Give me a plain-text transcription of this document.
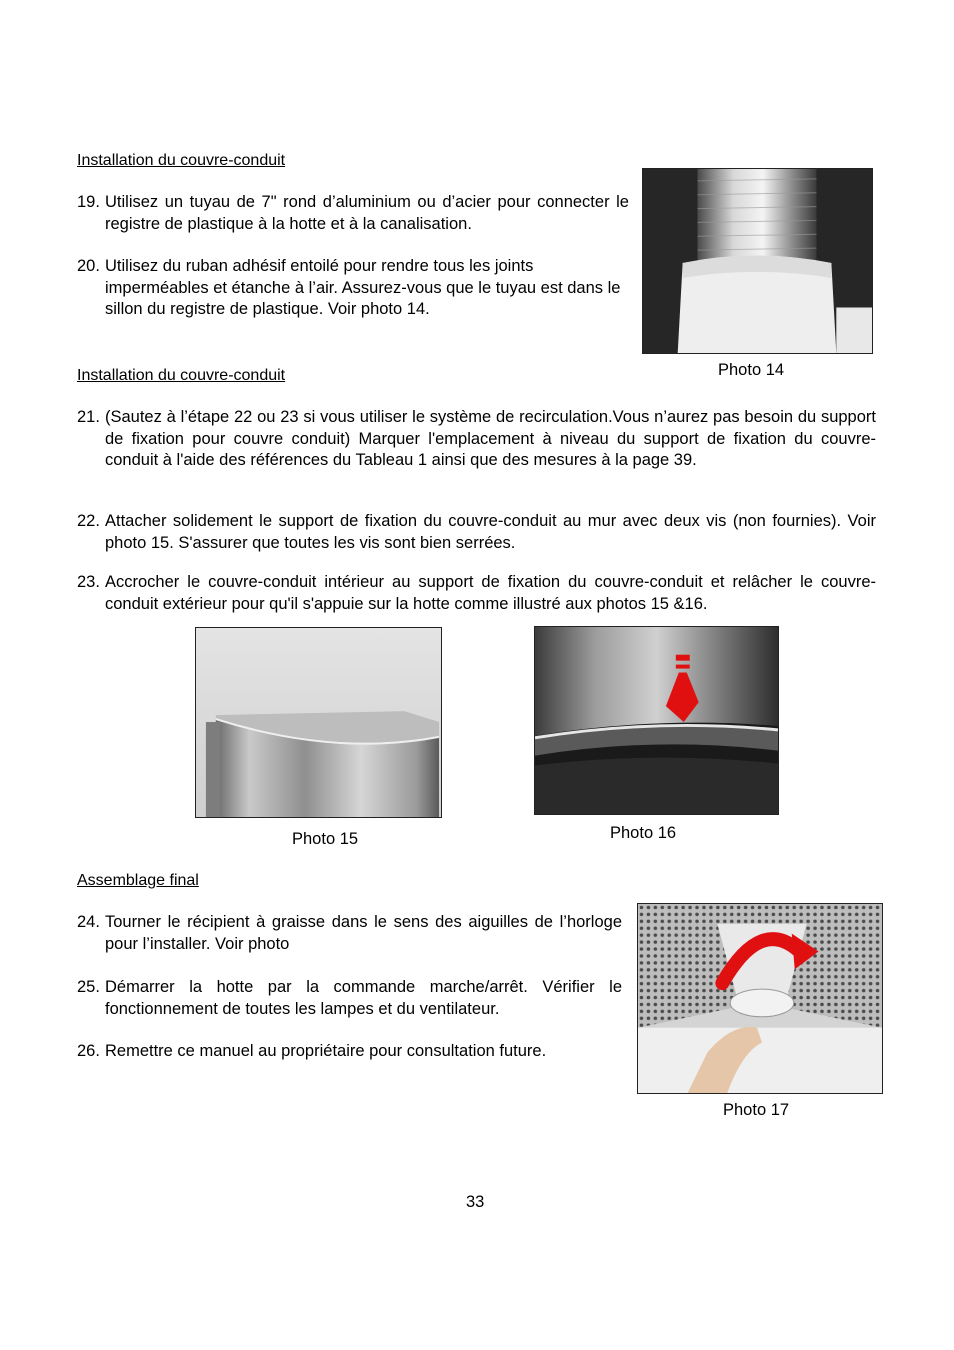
Installation du couvre-conduit
19. Utilisez un tuyau de 7" rond d’aluminium ou d’acier pour connecter le registre de plastique à la hotte et à la canalisation.
20. Utilisez du ruban adhésif entoilé pour rendre tous les joints imperméables et étanche à l’air. Assurez-vous que le tuyau est dans le sillon du registre de plastique. Voir photo 14.
Photo 14
Installation du couvre-conduit
21. (Sautez à l’étape 22 ou 23 si vous utiliser le système de recirculation.Vous n’aurez pas besoin du support de fixation pour couvre conduit) Marquer l'emplacement à niveau du support de fixation du couvre-conduit à l'aide des références du Tableau 1 ainsi que des mesures à la page 39.
22. Attacher solidement le support de fixation du couvre-conduit au mur avec deux vis (non fournies). Voir photo 15. S'assurer que toutes les vis sont bien serrées.
23. Accrocher le couvre-conduit intérieur au support de fixation du couvre-conduit et relâcher le couvre-conduit extérieur pour qu'il s'appuie sur la hotte comme illustré aux photos 15 &16.
Photo 15	Photo 16
Assemblage final
24. Tourner le récipient à graisse dans le sens des aiguilles de l’horloge pour l’installer. Voir photo
25. Démarrer la hotte par la commande marche/arrêt. Vérifier le fonctionnement de toutes les lampes et du ventilateur.
26. Remettre ce manuel au propriétaire pour consultation future.
Photo 17
33
